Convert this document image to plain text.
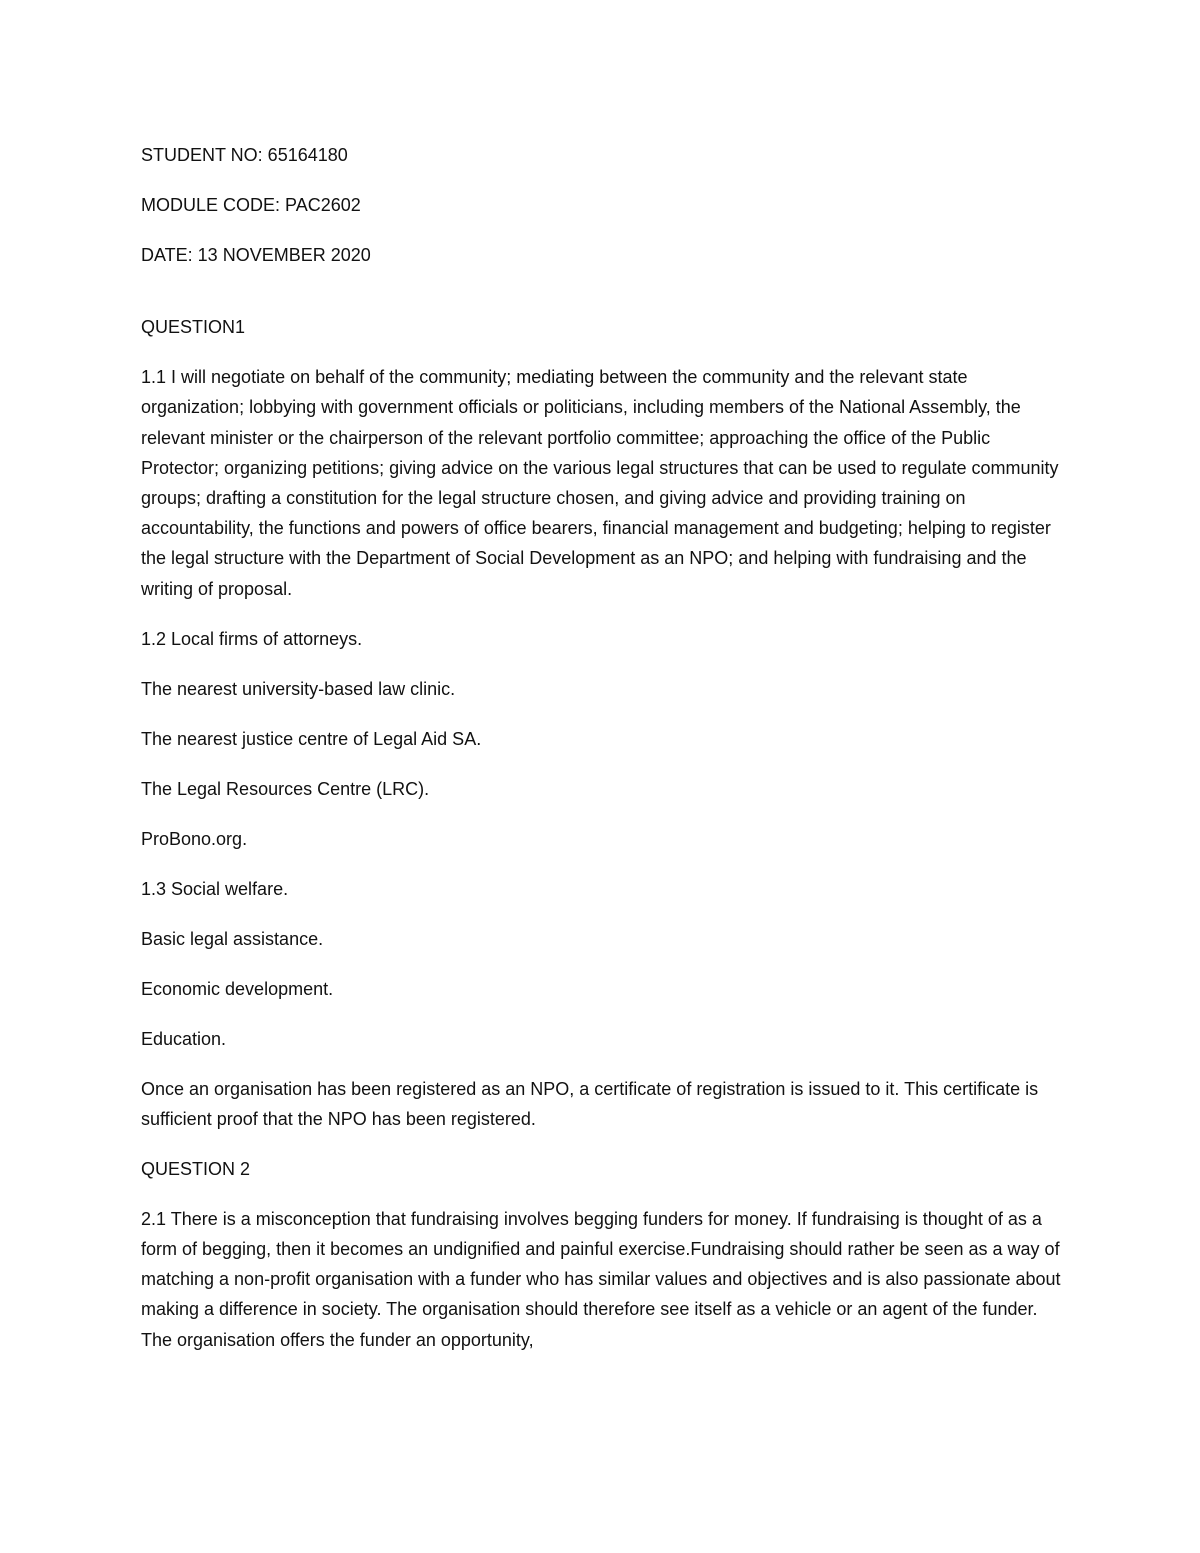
STUDENT NO: 65164180

MODULE CODE: PAC2602

DATE: 13 NOVEMBER 2020

QUESTION1

1.1 I will negotiate on behalf of the community; mediating between the community and the relevant state organization; lobbying with government officials or politicians, including members of the National Assembly, the relevant minister or the chairperson of the relevant portfolio committee; approaching the office of the Public Protector; organizing petitions; giving advice on the various legal structures that can be used to regulate community groups; drafting a constitution for the legal structure chosen, and giving advice and providing training on accountability, the functions and powers of office bearers, financial management and budgeting; helping to register the legal structure with the Department of Social Development as an NPO; and helping with fundraising and the writing of proposal.

1.2 Local firms of attorneys.

The nearest university-based law clinic.

The nearest justice centre of Legal Aid SA.

The Legal Resources Centre (LRC).

ProBono.org.

1.3 Social welfare.

Basic legal assistance.

Economic development.

Education.

Once an organisation has been registered as an NPO, a certificate of registration is issued to it. This certificate is sufficient proof that the NPO has been registered.

QUESTION 2

2.1 There is a misconception that fundraising involves begging funders for money. If fundraising is thought of as a form of begging, then it becomes an undignified and painful exercise.Fundraising should rather be seen as a way of matching a non-profit organisation with a funder who has similar values and objectives and is also passionate about making a difference in society. The organisation should therefore see itself as a vehicle or an agent of the funder. The organisation offers the funder an opportunity,
